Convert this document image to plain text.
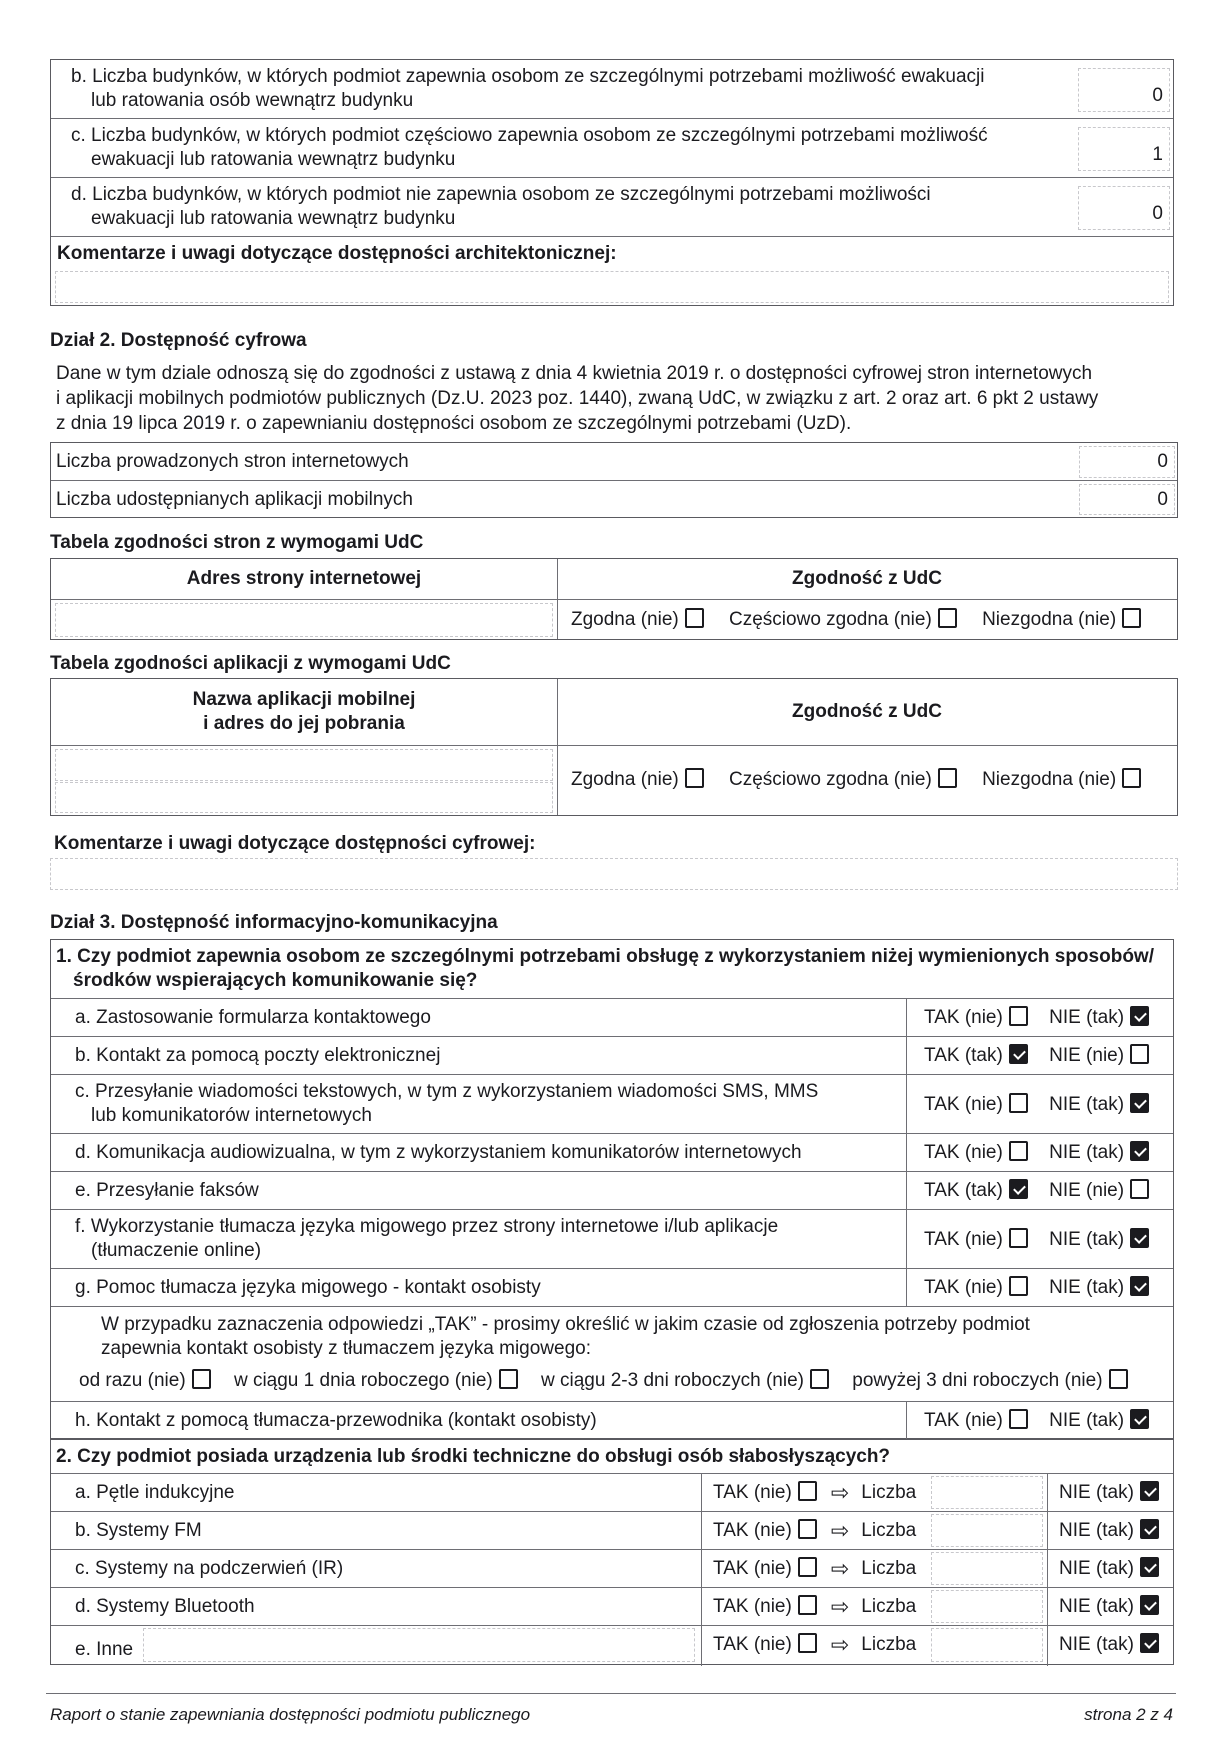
b. Liczba budynków, w których podmiot zapewnia osobom ze szczególnymi potrzebami możliwość ewakuacji
lub ratowania osób wewnątrz budynku	0
c. Liczba budynków, w których podmiot częściowo zapewnia osobom ze szczególnymi potrzebami możliwość
ewakuacji lub ratowania wewnątrz budynku	1
d. Liczba budynków, w których podmiot nie zapewnia osobom ze szczególnymi potrzebami możliwości
ewakuacji lub ratowania wewnątrz budynku	0
Komentarze i uwagi dotyczące dostępności architektonicznej:
Dział 2. Dostępność cyfrowa
Dane w tym dziale odnoszą się do zgodności z ustawą z dnia 4 kwietnia 2019 r. o dostępności cyfrowej stron internetowych
i aplikacji mobilnych podmiotów publicznych (Dz.U. 2023 poz. 1440), zwaną UdC, w związku z art. 2 oraz art. 6 pkt 2 ustawy
z dnia 19 lipca 2019 r. o zapewnianiu dostępności osobom ze szczególnymi potrzebami (UzD).
Liczba prowadzonych stron internetowych	0
Liczba udostępnianych aplikacji mobilnych	0
Tabela zgodności stron z wymogami UdC
Adres strony internetowej	Zgodność z UdC
Zgodna (nie)	Częściowo zgodna (nie)	Niezgodna (nie)
Tabela zgodności aplikacji z wymogami UdC
Nazwa aplikacji mobilnej
i adres do jej pobrania
Zgodność z UdC
Zgodna (nie)	Częściowo zgodna (nie)	Niezgodna (nie)
Komentarze i uwagi dotyczące dostępności cyfrowej:
Dział 3. Dostępność informacyjno-komunikacyjna
1. Czy podmiot zapewnia osobom ze szczególnymi potrzebami obsługę z wykorzystaniem niżej wymienionych sposobów/
środków wspierających komunikowanie się?
a. Zastosowanie formularza kontaktowego	TAK (nie) NIE (tak)
b. Kontakt za pomocą poczty elektronicznej	TAK (tak) NIE (nie)
c. Przesyłanie wiadomości tekstowych, w tym z wykorzystaniem wiadomości SMS, MMS
lub komunikatorów internetowych
TAK (nie) NIE (tak)
d. Komunikacja audiowizualna, w tym z wykorzystaniem komunikatorów internetowych	TAK (nie) NIE (tak)
e. Przesyłanie faksów	TAK (tak) NIE (nie)
f. Wykorzystanie tłumacza języka migowego przez strony internetowe i/lub aplikacje
(tłumaczenie online)
TAK (nie) NIE (tak)
g. Pomoc tłumacza języka migowego - kontakt osobisty	TAK (nie) NIE (tak)
W przypadku zaznaczenia odpowiedzi „TAK” - prosimy określić w jakim czasie od zgłoszenia potrzeby podmiot
zapewnia kontakt osobisty z tłumaczem języka migowego:
od razu (nie)	w ciągu 1 dnia roboczego (nie)	w ciągu 2-3 dni roboczych (nie)	powyżej 3 dni roboczych (nie)
h. Kontakt z pomocą tłumacza-przewodnika (kontakt osobisty)	TAK (nie) NIE (tak)
2. Czy podmiot posiada urządzenia lub środki techniczne do obsługi osób słabosłyszących?
a. Pętle indukcyjne	TAK (nie) ⇨ Liczba	NIE (tak)
b. Systemy FM	TAK (nie) ⇨ Liczba	NIE (tak)
c. Systemy na podczerwień (IR)	TAK (nie) ⇨ Liczba	NIE (tak)
d. Systemy Bluetooth	TAK (nie) ⇨ Liczba	NIE (tak)
e. Inne	TAK (nie) ⇨ Liczba	NIE (tak)
Raport o stanie zapewniania dostępności podmiotu publicznego	strona 2 z 4
